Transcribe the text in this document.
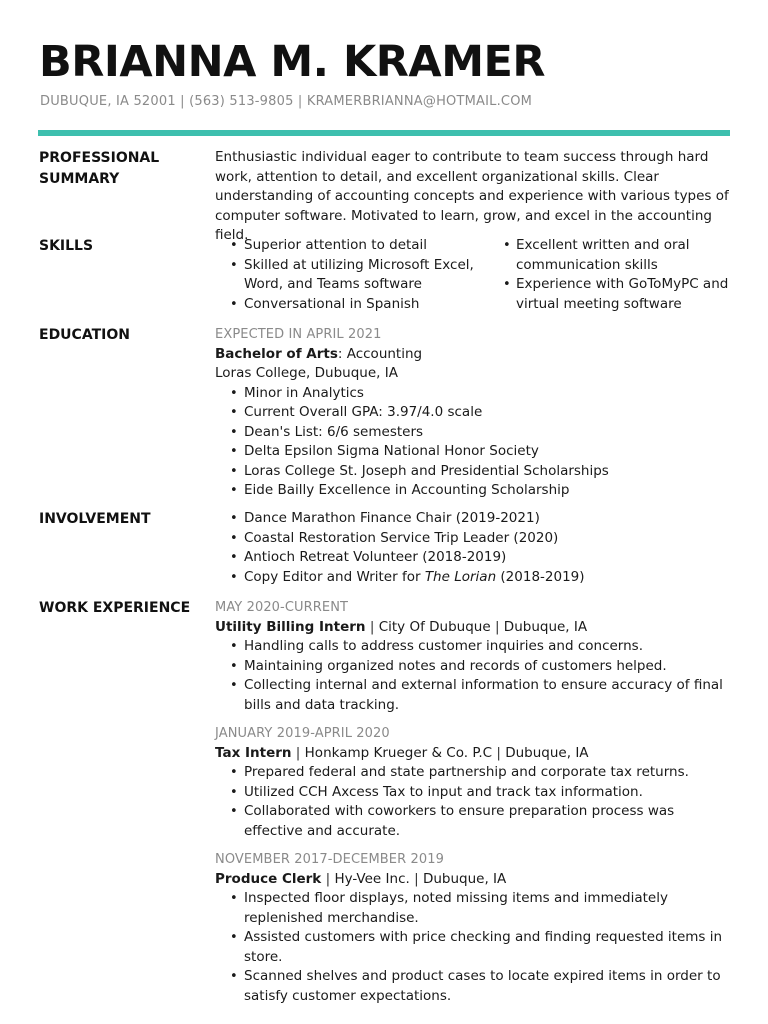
BRIANNA M. KRAMER
DUBUQUE, IA 52001 | (563) 513-9805 | KRAMERBRIANNA@HOTMAIL.COM
PROFESSIONAL
SUMMARY

Enthusiastic individual eager to contribute to team success through hard work, attention to detail, and excellent organizational skills. Clear understanding of accounting concepts and experience with various types of computer software. Motivated to learn, grow, and excel in the accounting field.

SKILLS	• Superior attention to detail
• Skilled at utilizing Microsoft Excel, Word, and Teams software
• Conversational in Spanish
• Excellent written and oral communication skills
• Experience with GoToMyPC and virtual meeting software
EDUCATION	EXPECTED IN APRIL 2021
Bachelor of Arts: Accounting
Loras College, Dubuque, IA
• Minor in Analytics
• Current Overall GPA: 3.97/4.0 scale
• Dean's List: 6/6 semesters
• Delta Epsilon Sigma National Honor Society
• Loras College St. Joseph and Presidential Scholarships
• Eide Bailly Excellence in Accounting Scholarship
INVOLVEMENT	• Dance Marathon Finance Chair (2019-2021)
• Coastal Restoration Service Trip Leader (2020)
• Antioch Retreat Volunteer (2018-2019)
• Copy Editor and Writer for The Lorian (2018-2019)
WORK EXPERIENCE	MAY 2020-CURRENT
Utility Billing Intern | City Of Dubuque | Dubuque, IA
• Handling calls to address customer inquiries and concerns.
• Maintaining organized notes and records of customers helped.
• Collecting internal and external information to ensure accuracy of final bills and data tracking.
JANUARY 2019-APRIL 2020
Tax Intern | Honkamp Krueger & Co. P.C | Dubuque, IA
• Prepared federal and state partnership and corporate tax returns.
• Utilized CCH Axcess Tax to input and track tax information.
• Collaborated with coworkers to ensure preparation process was effective and accurate.
NOVEMBER 2017-DECEMBER 2019
Produce Clerk | Hy-Vee Inc. | Dubuque, IA
• Inspected floor displays, noted missing items and immediately replenished merchandise.
• Assisted customers with price checking and finding requested items in store.
• Scanned shelves and product cases to locate expired items in order to satisfy customer expectations.
